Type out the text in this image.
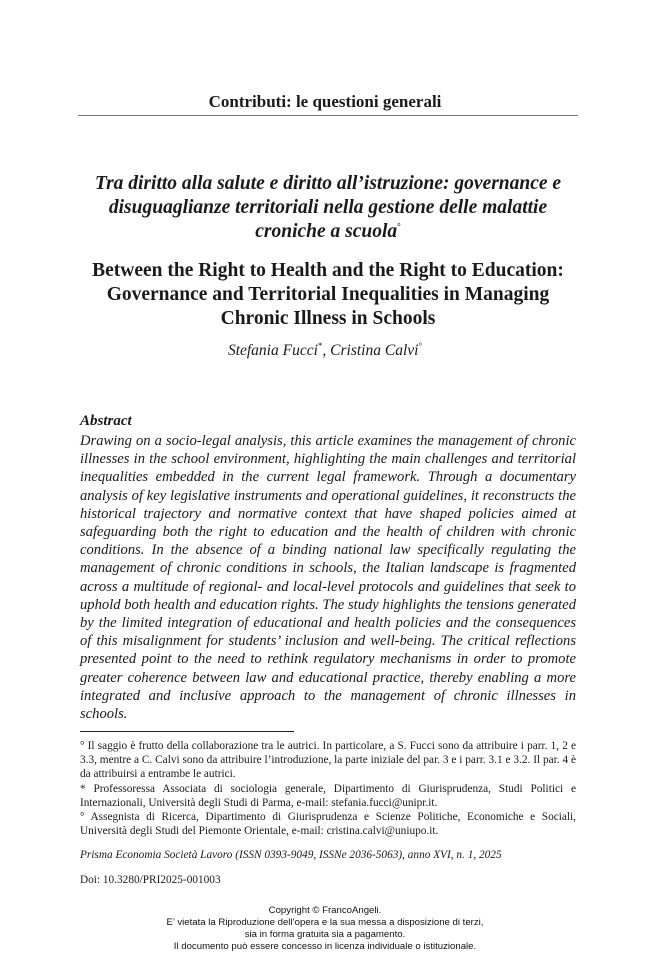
Contributi: le questioni generali
Tra diritto alla salute e diritto all’istruzione: governance e disuguaglianze territoriali nella gestione delle malattie croniche a scuola°
Between the Right to Health and the Right to Education: Governance and Territorial Inequalities in Managing Chronic Illness in Schools
Stefania Fucci*, Cristina Calvi°
Abstract
Drawing on a socio-legal analysis, this article examines the management of chronic illnesses in the school environment, highlighting the main challenges and territorial inequalities embedded in the current legal framework. Through a documentary analysis of key legislative instruments and operational guidelines, it reconstructs the historical trajectory and normative context that have shaped policies aimed at safeguarding both the right to education and the health of children with chronic conditions. In the absence of a binding national law specifically regulating the management of chronic conditions in schools, the Italian landscape is fragmented across a multitude of regional- and local-level protocols and guidelines that seek to uphold both health and education rights. The study highlights the tensions generated by the limited integration of educational and health policies and the consequences of this misalignment for students’ inclusion and well-being. The critical reflections presented point to the need to rethink regulatory mechanisms in order to promote greater coherence between law and educational practice, thereby enabling a more integrated and inclusive approach to the management of chronic illnesses in schools.

° Il saggio è frutto della collaborazione tra le autrici. In particolare, a S. Fucci sono da attribuire i parr. 1, 2 e 3.3, mentre a C. Calvi sono da attribuire l’introduzione, la parte iniziale del par. 3 e i parr. 3.1 e 3.2. Il par. 4 è da attribuirsi a entrambe le autrici.

* Professoressa Associata di sociologia generale, Dipartimento di Giurisprudenza, Studi Politici e Internazionali, Università degli Studi di Parma, e-mail: stefania.fucci@unipr.it.

° Assegnista di Ricerca, Dipartimento di Giurisprudenza e Scienze Politiche, Economiche e Sociali, Università degli Studi del Piemonte Orientale, e-mail: cristina.calvi@uniupo.it.

Prisma Economia Società Lavoro (ISSN 0393-9049, ISSNe 2036-5063), anno XVI, n. 1, 2025
Doi: 10.3280/PRI2025-001003
Copyright © FrancoAngeli.
E’ vietata la Riproduzione dell’opera e la sua messa a disposizione di terzi,
sia in forma gratuita sia a pagamento.
Il documento può essere concesso in licenza individuale o istituzionale.
